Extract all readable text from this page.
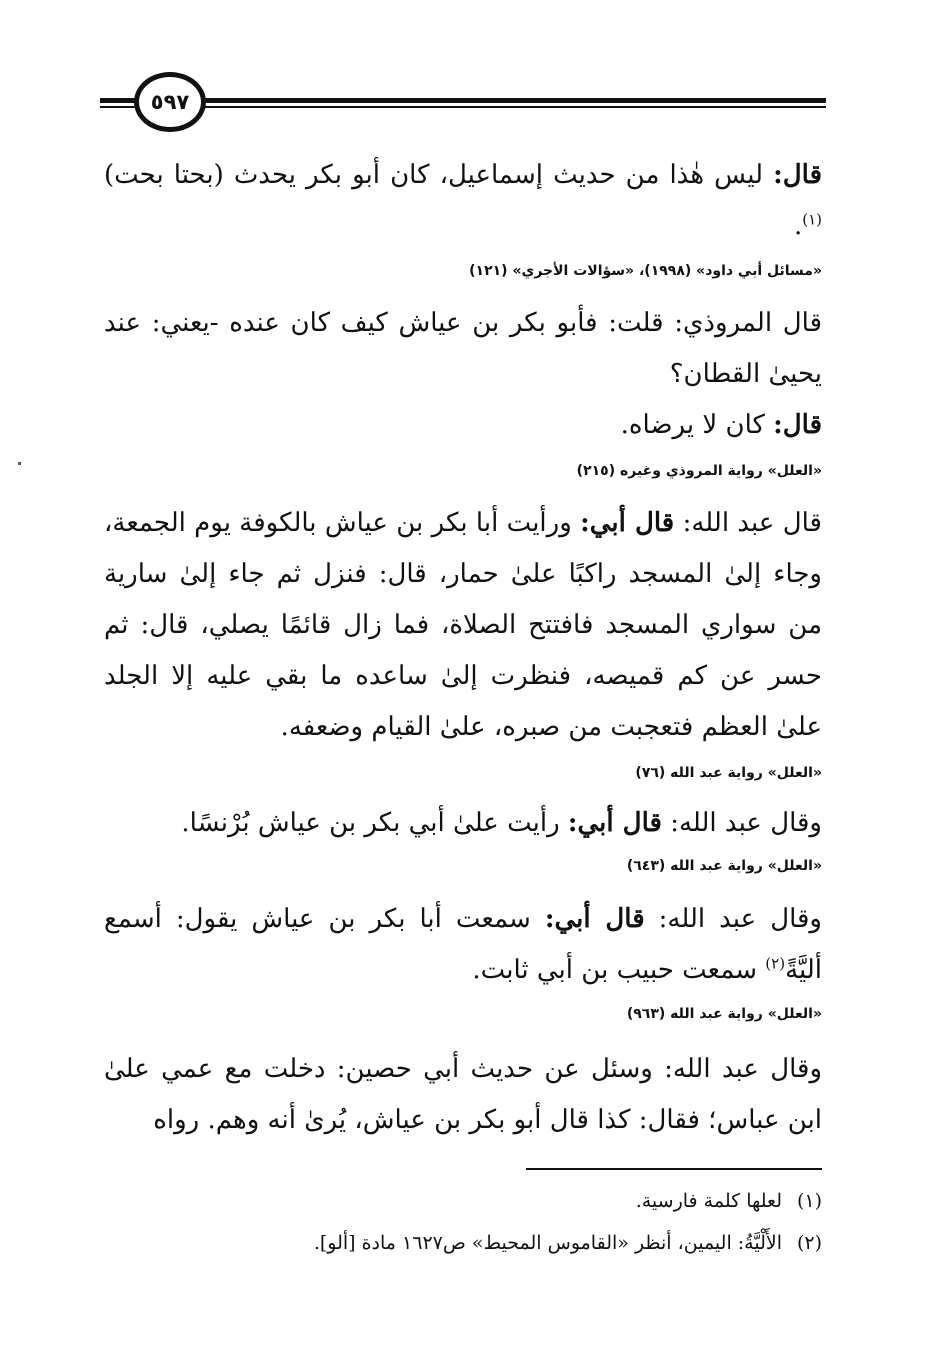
٥٩٧
قال: ليس هٰذا من حديث إسماعيل، كان أبو بكر يحدث (بحتا بحت)$^{(١)}$.
«مسائل أبي داود» (١٩٩٨)، «سؤالات الأجري» (١٢١)
قال المروذي: قلت: فأبو بكر بن عياش كيف كان عنده -يعني: عند يحيىٰ القطان؟
قال: كان لا يرضاه.
«العلل» رواية المروذي وغيره (٢١٥)
قال عبد الله: قال أبي: ورأيت أبا بكر بن عياش بالكوفة يوم الجمعة، وجاء إلىٰ المسجد راكبًا علىٰ حمار، قال: فنزل ثم جاء إلىٰ سارية من سواري المسجد فافتتح الصلاة، فما زال قائمًا يصلي، قال: ثم حسر عن كم قميصه، فنظرت إلىٰ ساعده ما بقي عليه إلا الجلد علىٰ العظم فتعجبت من صبره، علىٰ القيام وضعفه.
«العلل» رواية عبد الله (٧٦)
وقال عبد الله: قال أبي: رأيت علىٰ أبي بكر بن عياش بُرْنسًا.
«العلل» رواية عبد الله (٦٤٣)
وقال عبد الله: قال أبي: سمعت أبا بكر بن عياش يقول: أسمع أليَّةً$^{(٢)}$ سمعت حبيب بن أبي ثابت.
«العلل» رواية عبد الله (٩٦٣)
وقال عبد الله: وسئل عن حديث أبي حصين: دخلت مع عمي علىٰ ابن عباس؛ فقال: كذا قال أبو بكر بن عياش، يُرىٰ أنه وهم. رواه
(١)لعلها كلمة فارسية.
(٢)الأَلْيَّةُ: اليمين، أنظر «القاموس المحيط» ص١٦٢٧ مادة [ألو].
